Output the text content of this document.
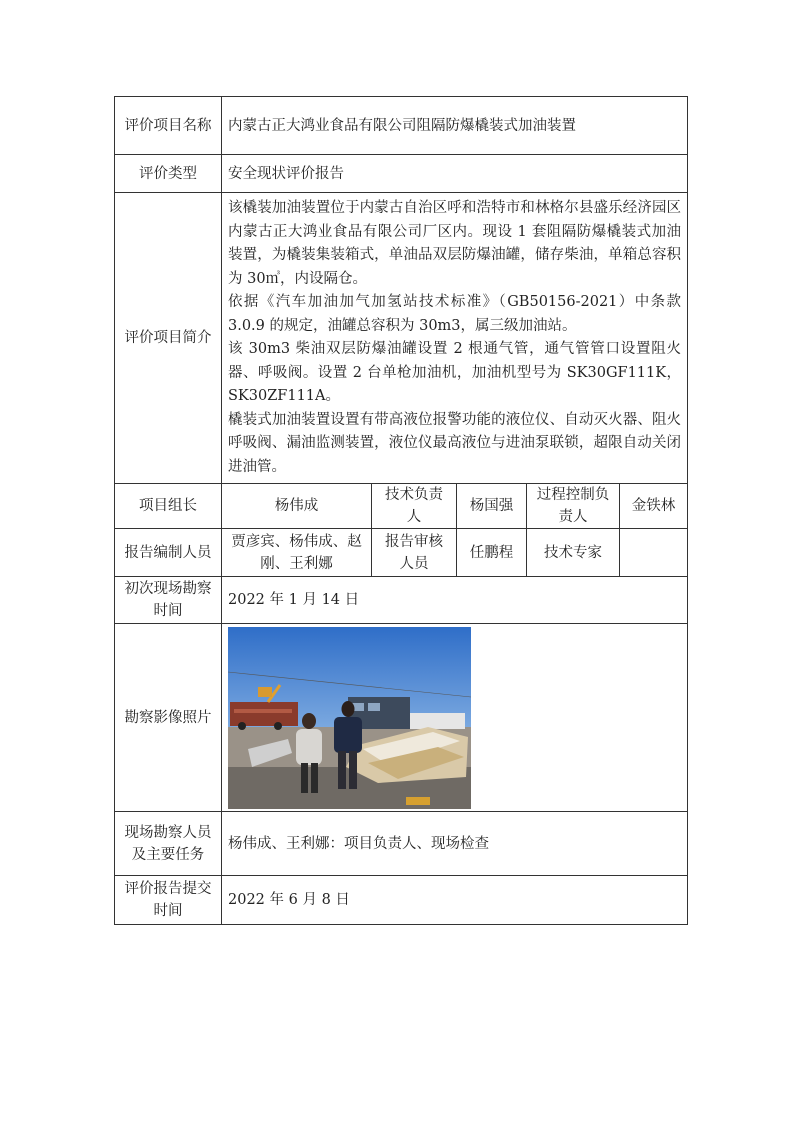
评价项目名称	内蒙古正大鸿业食品有限公司阻隔防爆橇装式加油装置				
评价类型	安全现状评价报告				
评价项目简介	该橇装加油装置位于内蒙古自治区呼和浩特市和林格尔县盛乐经济园区内蒙古正大鸿业食品有限公司厂区内。现设 1 套阻隔防爆橇装式加油装置，为橇装集装箱式，单油品双层防爆油罐，储存柴油，单箱总容积为 30㎥，内设隔仓。
依据《汽车加油加气加氢站技术标准》（GB50156-2021）中条款 3.0.9 的规定，油罐总容积为 30m3，属三级加油站。
该 30m3 柴油双层防爆油罐设置 2 根通气管，通气管管口设置阻火器、呼吸阀。设置 2 台单枪加油机，加油机型号为 SK30GF111K，SK30ZF111A。
橇装式加油装置设置有带高液位报警功能的液位仪、自动灭火器、阻火呼吸阀、漏油监测装置，液位仪最高液位与进油泵联锁，超限自动关闭进油管。				

项目组长	杨伟成	技术负责人	杨国强	过程控制负责人	金铁林
报告编制人员	贾彦宾、杨伟成、赵刚、王利娜	报告审核人员	任鹏程	技术专家	
初次现场勘察时间	2022 年 1 月 14 日				
勘察影像照片	

现场勘察人员及主要任务	杨伟成、王利娜：项目负责人、现场检查				
评价报告提交时间	2022 年 6 月 8 日				
